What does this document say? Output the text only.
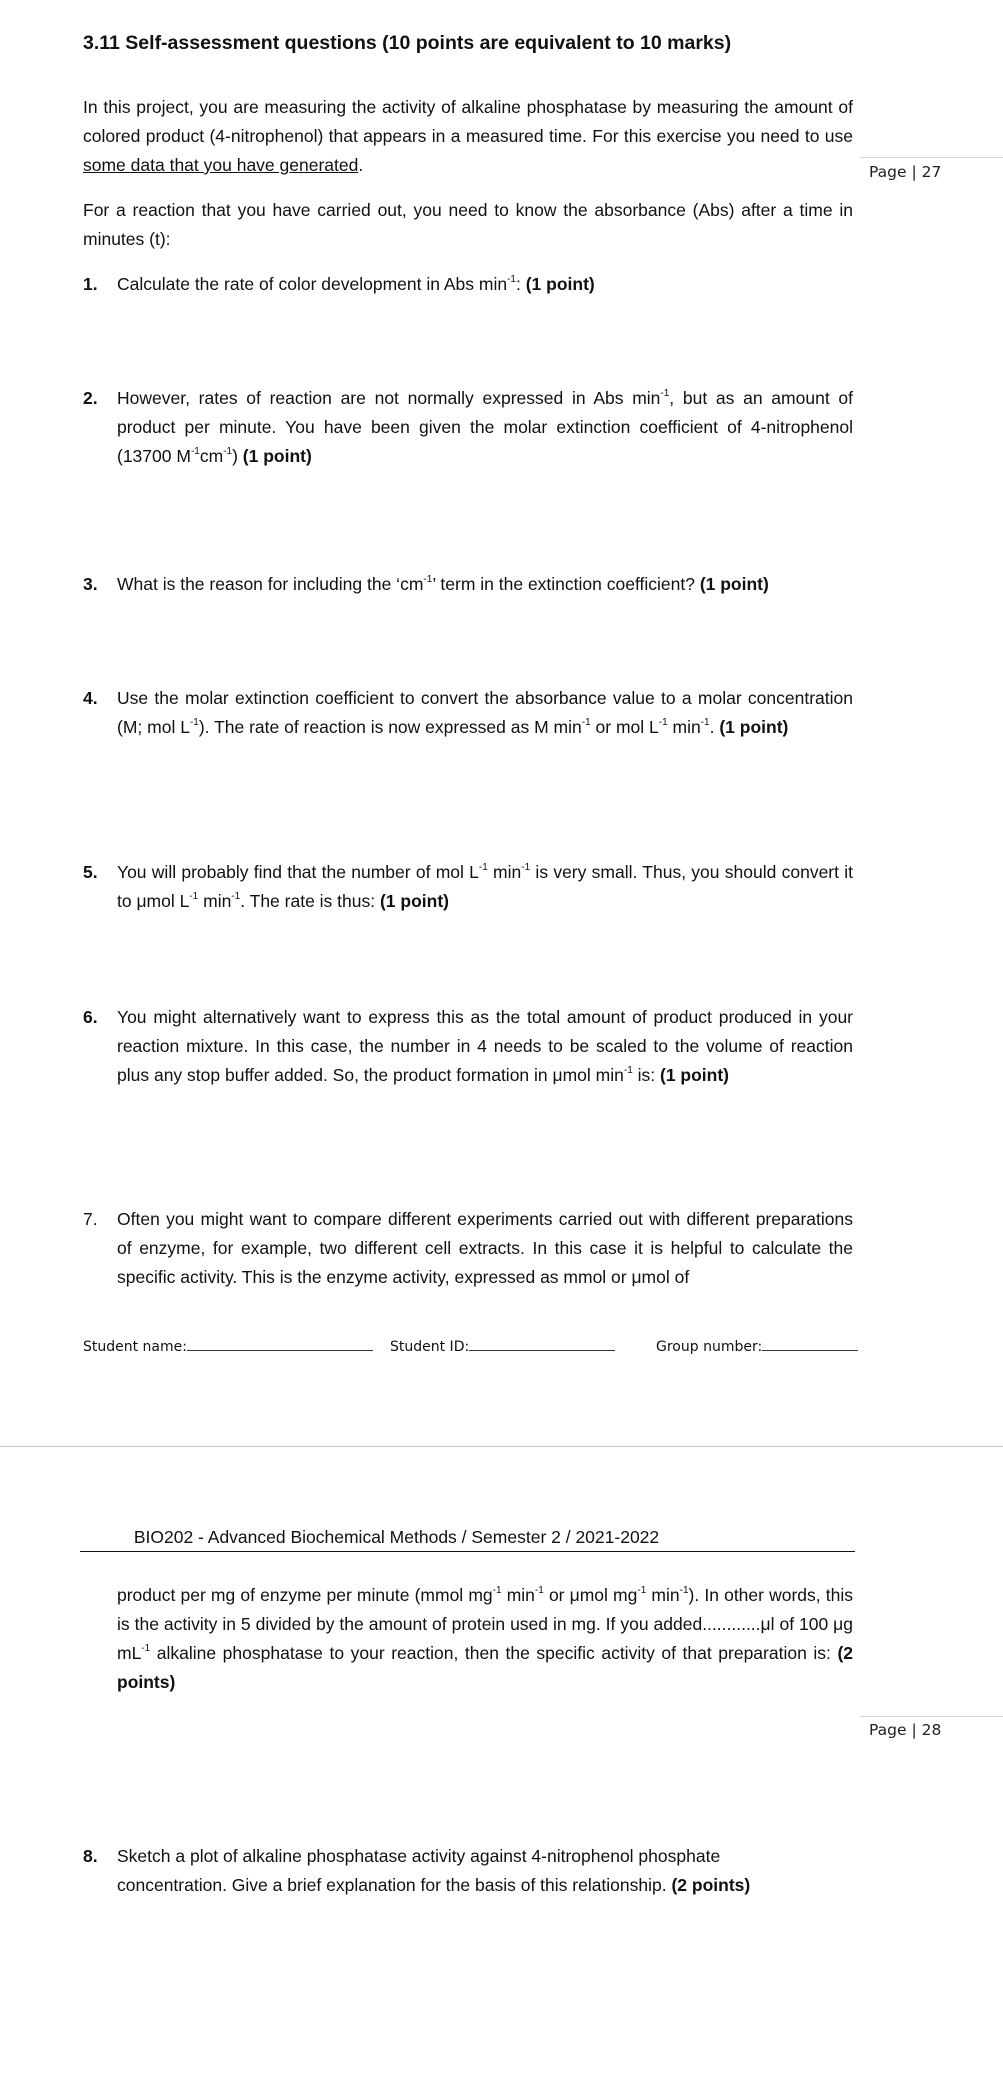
3.11 Self-assessment questions (10 points are equivalent to 10 marks)
In this project, you are measuring the activity of alkaline phosphatase by measuring the amount of colored product (4-nitrophenol) that appears in a measured time. For this exercise you need to use some data that you have generated.	Page | 27
For a reaction that you have carried out, you need to know the absorbance (Abs) after a time in minutes (t):
1. Calculate the rate of color development in Abs $\min^{-1}$: (1 point)
2. However, rates of reaction are not normally expressed in Abs $\min^{-1}$, but as an amount of product per minute. You have been given the molar extinction coefficient of 4-nitrophenol (13700 $M^{-1}cm^{-1}$) (1 point)
3. What is the reason for including the ‘$cm^{-1}$’ term in the extinction coefficient? (1 point)
4. Use the molar extinction coefficient to convert the absorbance value to a molar concentration (M; mol $L^{-1}$). The rate of reaction is now expressed as M $\min^{-1}$ or mol $L^{-1}$ $\min^{-1}$. (1 point)
5. You will probably find that the number of mol $L^{-1}$ $\min^{-1}$ is very small. Thus, you should convert it to μmol $L^{-1}$ $\min^{-1}$. The rate is thus: (1 point)
6. You might alternatively want to express this as the total amount of product produced in your reaction mixture. In this case, the number in 4 needs to be scaled to the volume of reaction plus any stop buffer added. So, the product formation in μmol $\min^{-1}$ is: (1 point)
7. Often you might want to compare different experiments carried out with different preparations of enzyme, for example, two different cell extracts. In this case it is helpful to calculate the specific activity. This is the enzyme activity, expressed as mmol or μmol of
Student name:	Student ID:	Group number:
BIO202 - Advanced Biochemical Methods / Semester 2 / 2021-2022
product per mg of enzyme per minute (mmol $mg^{-1}$ $\min^{-1}$ or μmol $mg^{-1}$ $\min^{-1}$). In other words, this is the activity in 5 divided by the amount of protein used in mg. If you added............μl of 100 μg $mL^{-1}$ alkaline phosphatase to your reaction, then the specific activity of that preparation is: (2 points)
Page | 28
8. Sketch a plot of alkaline phosphatase activity against 4-nitrophenol phosphate concentration. Give a brief explanation for the basis of this relationship. (2 points)
